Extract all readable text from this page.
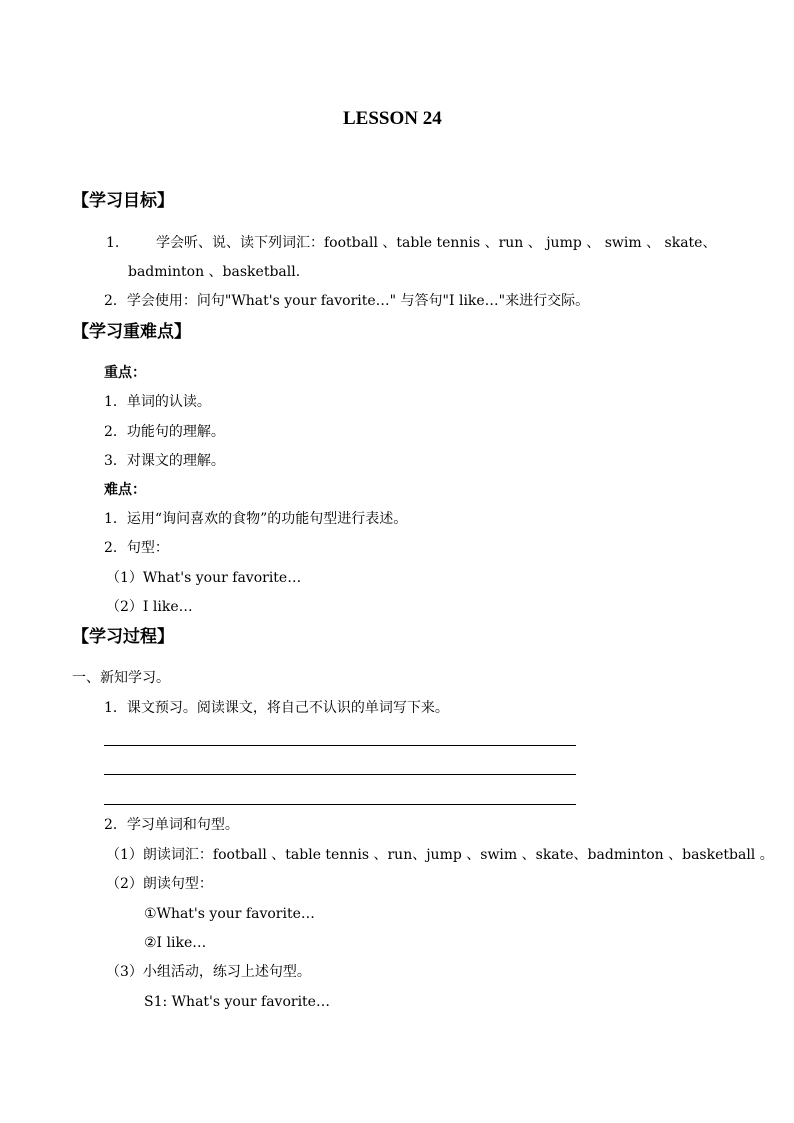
LESSON 24
【学习目标】
1.	学会听、说、读下列词汇：football 、table tennis 、run 、 jump 、 swim 、 skate、
badminton 、basketball.
2．学会使用：问句"What's your favorite…" 与答句"I like…"来进行交际。
【学习重难点】
重点：
1．单词的认读。
2．功能句的理解。
3．对课文的理解。
难点：
1．运用“询问喜欢的食物”的功能句型进行表述。
2．句型：
（1）What's your favorite…
（2）I like…
【学习过程】
一、新知学习。
1．课文预习。阅读课文，将自己不认识的单词写下来。
2．学习单词和句型。
（1）朗读词汇：football 、table tennis 、run、jump 、swim 、skate、badminton 、basketball 。
（2）朗读句型：
①What's your favorite…
②I like…
（3）小组活动，练习上述句型。
S1: What's your favorite…
